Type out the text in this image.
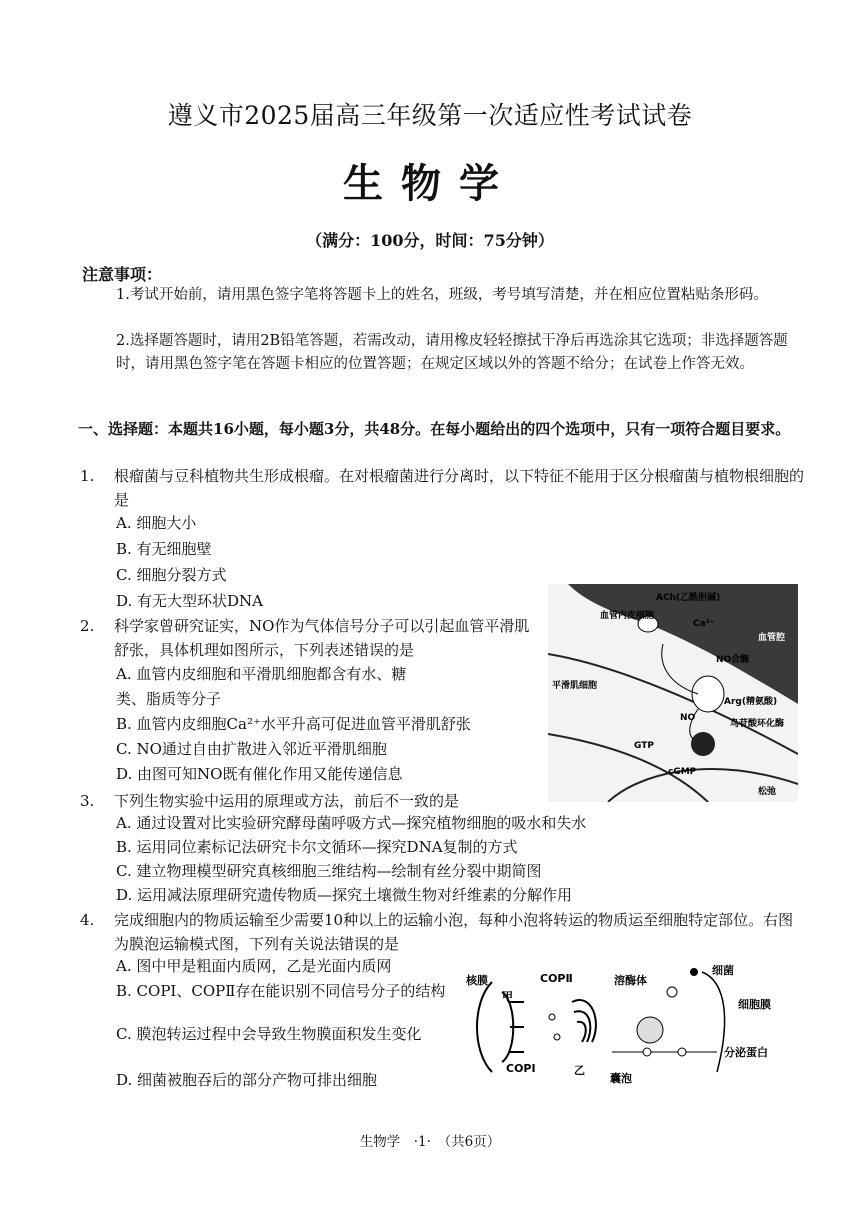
遵义市2025届高三年级第一次适应性考试试卷
生物学
（满分：100分，时间：75分钟）
注意事项：
1.考试开始前，请用黑色签字笔将答题卡上的姓名，班级，考号填写清楚，并在相应位置粘贴条形码。
2.选择题答题时，请用2B铅笔答题，若需改动，请用橡皮轻轻擦拭干净后再选涂其它选项；非选择题答题时，请用黑色签字笔在答题卡相应的位置答题；在规定区域以外的答题不给分；在试卷上作答无效。
一、选择题：本题共16小题，每小题3分，共48分。在每小题给出的四个选项中，只有一项符合题目要求。
1.	根瘤菌与豆科植物共生形成根瘤。在对根瘤菌进行分离时，以下特征不能用于区分根瘤菌与植物根细胞的是
A. 细胞大小
B. 有无细胞壁
C. 细胞分裂方式
D. 有无大型环状DNA
2.	科学家曾研究证实，NO作为气体信号分子可以引起血管平滑肌舒张，具体机理如图所示，下列表述错误的是
A. 血管内皮细胞和平滑肌细胞都含有水、糖类、脂质等分子
B. 血管内皮细胞Ca²⁺水平升高可促进血管平滑肌舒张
C. NO通过自由扩散进入邻近平滑肌细胞
D. 由图可知NO既有催化作用又能传递信息
血管内皮细胞
ACh(乙酰胆碱)
Ca²⁺
血管腔
NO合酶
Arg(精氨酸)
平滑肌细胞
NO
鸟苷酸环化酶
GTP
cGMP
松弛
3.	下列生物实验中运用的原理或方法，前后不一致的是
A. 通过设置对比实验研究酵母菌呼吸方式—探究植物细胞的吸水和失水
B. 运用同位素标记法研究卡尔文循环—探究DNA复制的方式
C. 建立物理模型研究真核细胞三维结构—绘制有丝分裂中期简图
D. 运用减法原理研究遗传物质—探究土壤微生物对纤维素的分解作用
4.	完成细胞内的物质运输至少需要10种以上的运输小泡，每种小泡将转运的物质运至细胞特定部位。右图为膜泡运输模式图，下列有关说法错误的是
A. 图中甲是粗面内质网，乙是光面内质网
B. COPⅠ、COPⅡ存在能识别不同信号分子的结构
C. 膜泡转运过程中会导致生物膜面积发生变化
D. 细菌被胞吞后的部分产物可排出细胞
核膜
甲
COPⅡ	溶酶体
细菌
细胞膜
COPⅠ	乙
囊泡
分泌蛋白
生物学　·1·　（共6页）
